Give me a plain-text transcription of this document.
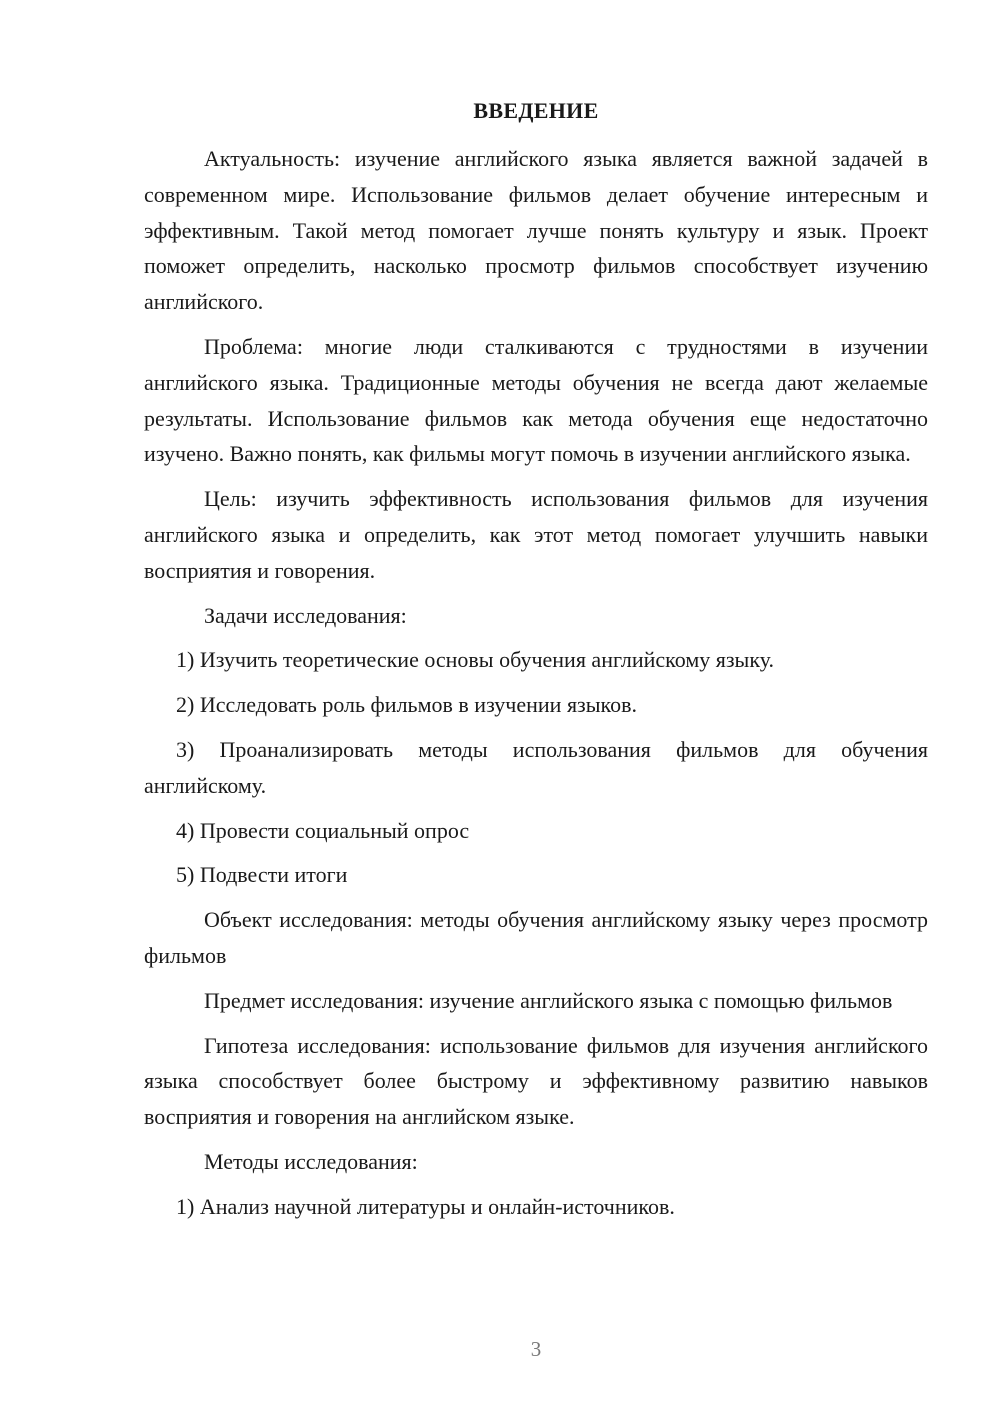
ВВЕДЕНИЕ

Актуальность: изучение английского языка является важной задачей в современном мире. Использование фильмов делает обучение интересным и эффективным. Такой метод помогает лучше понять культуру и язык. Проект поможет определить, насколько просмотр фильмов способствует изучению английского.

Проблема: многие люди сталкиваются с трудностями в изучении английского языка. Традиционные методы обучения не всегда дают желаемые результаты. Использование фильмов как метода обучения еще недостаточно изучено. Важно понять, как фильмы могут помочь в изучении английского языка.

Цель: изучить эффективность использования фильмов для изучения английского языка и определить, как этот метод помогает улучшить навыки восприятия и говорения.

Задачи исследования:

1) Изучить теоретические основы обучения английскому языку.

2) Исследовать роль фильмов в изучении языков.

3) Проанализировать методы использования фильмов для обучения английскому.

4) Провести социальный опрос

5) Подвести итоги

Объект исследования: методы обучения английскому языку через просмотр фильмов

Предмет исследования: изучение английского языка с помощью фильмов

Гипотеза исследования: использование фильмов для изучения английского языка способствует более быстрому и эффективному развитию навыков восприятия и говорения на английском языке.

Методы исследования:

1) Анализ научной литературы и онлайн-источников.

3
